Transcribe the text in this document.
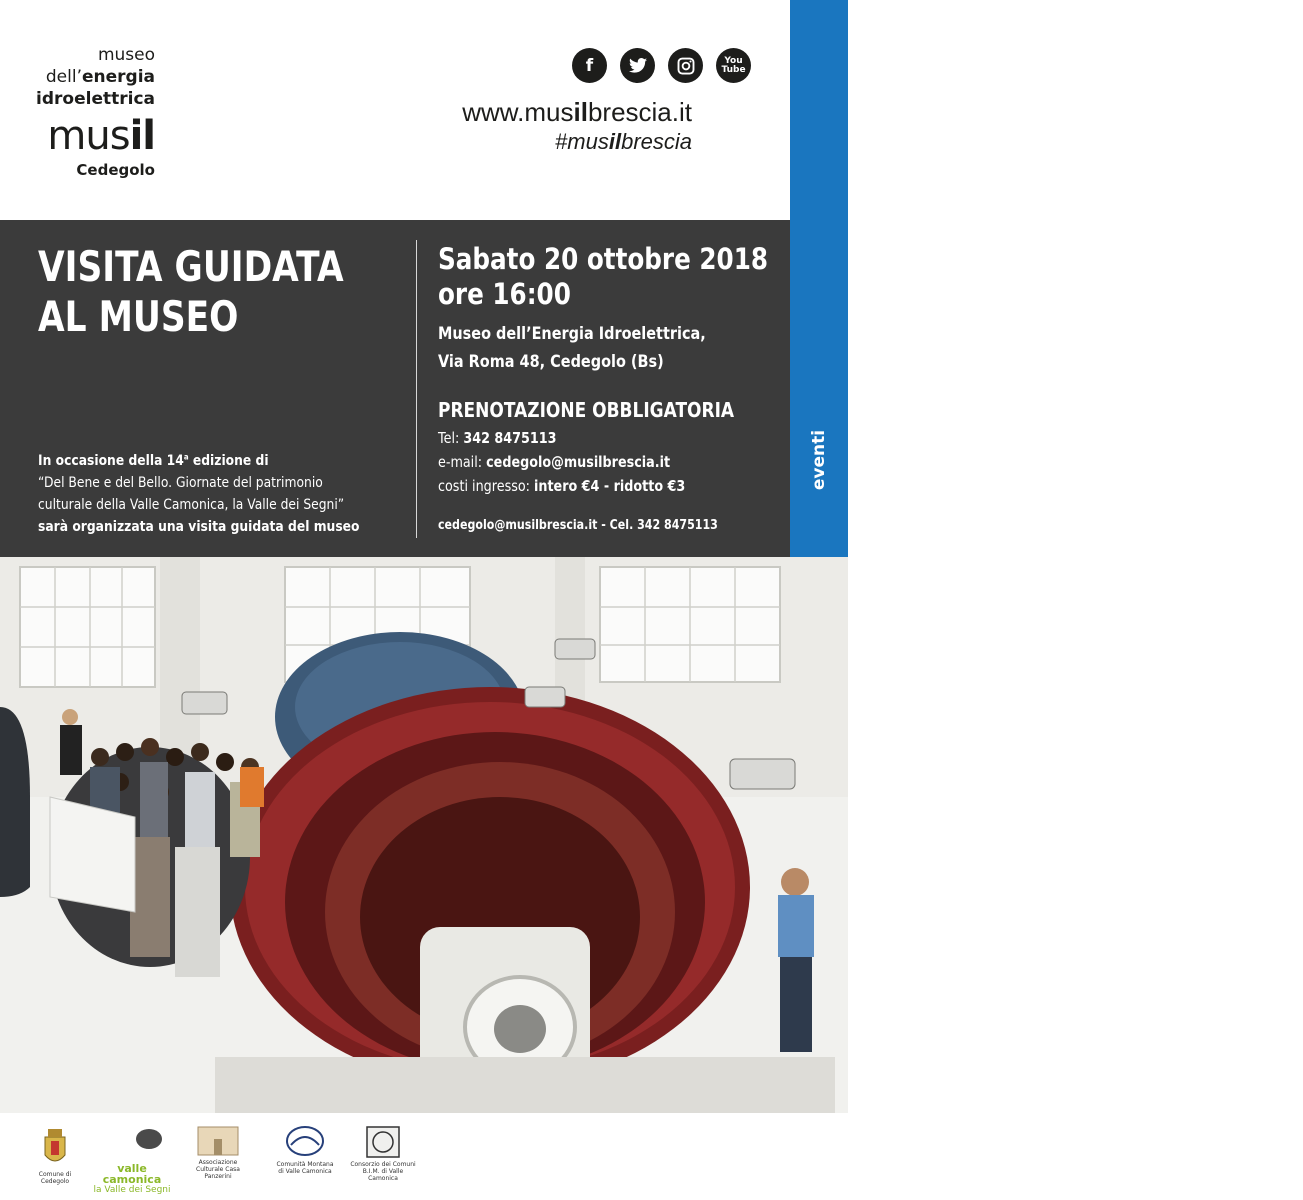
museo
dell’energia
idroelettrica
musil
Cedegolo
f	You
Tube
www.musilbrescia.it
#musilbrescia
eventi	- events
VISITA GUIDATA
AL MUSEO
In occasione della 14$^a$ edizione di
“Del Bene e del Bello. Giornate del patrimonio
culturale della Valle Camonica, la Valle dei Segni”
sarà organizzata una visita guidata del museo
Sabato 20 ottobre 2018
ore 16:00
Museo dell’Energia Idroelettrica,
Via Roma 48, Cedegolo (Bs)
PRENOTAZIONE OBBLIGATORIA
Tel: 342 8475113
e-mail: cedegolo@musilbrescia.it
costi ingresso: intero €4 - ridotto €3
cedegolo@musilbrescia.it - Cel. 342 8475113
Comune di Cedegolo
valle camonica
la Valle dei Segni
Associazione Culturale Casa Panzerini
Comunità Montana di Valle Camonica
Consorzio dei Comuni B.I.M. di Valle Camonica
